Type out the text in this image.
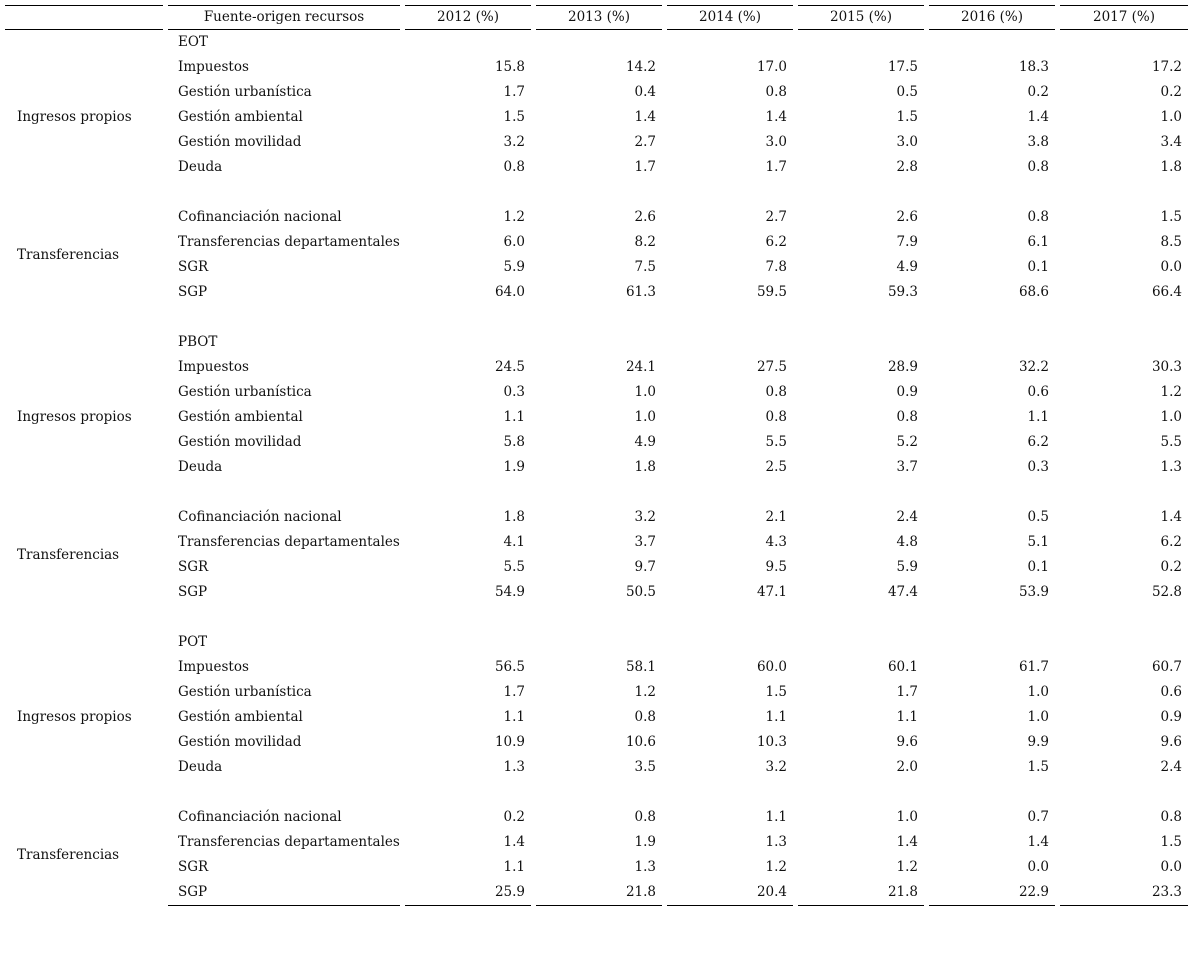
	Fuente-origen recursos	2012 (%)	2013 (%)	2014 (%)	2015 (%)	2016 (%)	2017 (%)
	EOT						
Ingresos propios	Impuestos	15.8	14.2	17.0	17.5	18.3	17.2
	Gestión urbanística	1.7	0.4	0.8	0.5	0.2	0.2
	Gestión ambiental	1.5	1.4	1.4	1.5	1.4	1.0
	Gestión movilidad	3.2	2.7	3.0	3.0	3.8	3.4
	Deuda	0.8	1.7	1.7	2.8	0.8	1.8

Transferencias	Cofinanciación nacional	1.2	2.6	2.7	2.6	0.8	1.5
	Transferencias departamentales	6.0	8.2	6.2	7.9	6.1	8.5
	SGR	5.9	7.5	7.8	4.9	0.1	0.0
	SGP	64.0	61.3	59.5	59.3	68.6	66.4

	PBOT						
Ingresos propios	Impuestos	24.5	24.1	27.5	28.9	32.2	30.3
	Gestión urbanística	0.3	1.0	0.8	0.9	0.6	1.2
	Gestión ambiental	1.1	1.0	0.8	0.8	1.1	1.0
	Gestión movilidad	5.8	4.9	5.5	5.2	6.2	5.5
	Deuda	1.9	1.8	2.5	3.7	0.3	1.3

Transferencias	Cofinanciación nacional	1.8	3.2	2.1	2.4	0.5	1.4
	Transferencias departamentales	4.1	3.7	4.3	4.8	5.1	6.2
	SGR	5.5	9.7	9.5	5.9	0.1	0.2
	SGP	54.9	50.5	47.1	47.4	53.9	52.8

	POT						
Ingresos propios	Impuestos	56.5	58.1	60.0	60.1	61.7	60.7
	Gestión urbanística	1.7	1.2	1.5	1.7	1.0	0.6
	Gestión ambiental	1.1	0.8	1.1	1.1	1.0	0.9
	Gestión movilidad	10.9	10.6	10.3	9.6	9.9	9.6
	Deuda	1.3	3.5	3.2	2.0	1.5	2.4

Transferencias	Cofinanciación nacional	0.2	0.8	1.1	1.0	0.7	0.8
	Transferencias departamentales	1.4	1.9	1.3	1.4	1.4	1.5
	SGR	1.1	1.3	1.2	1.2	0.0	0.0
	SGP	25.9	21.8	20.4	21.8	22.9	23.3
